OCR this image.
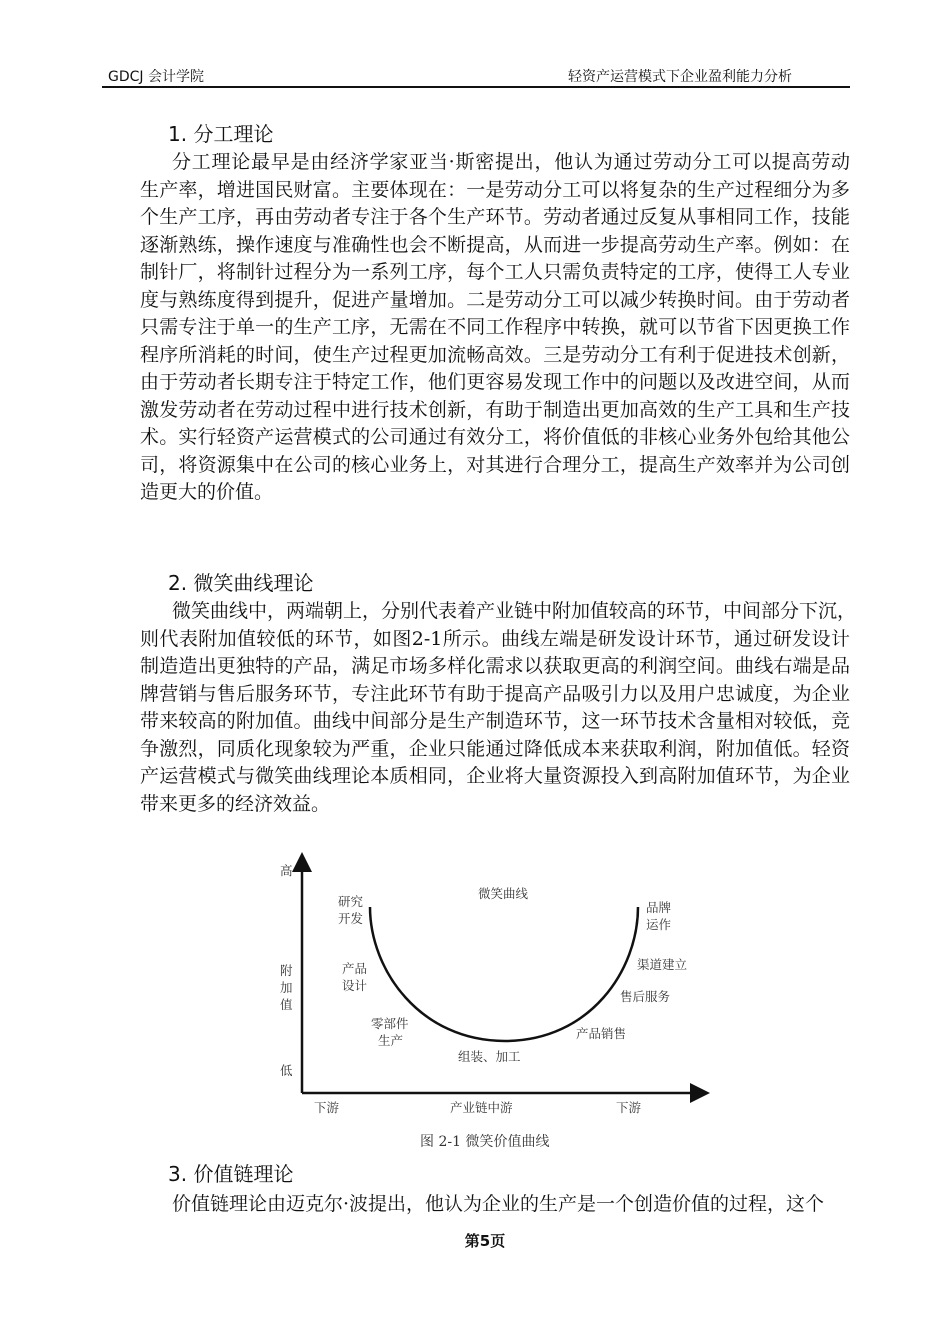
GDCJ 会计学院	轻资产运营模式下企业盈利能力分析
1. 分工理论
分工理论最早是由经济学家亚当·斯密提出，他认为通过劳动分工可以提高劳动
生产率，增进国民财富。主要体现在：一是劳动分工可以将复杂的生产过程细分为多
个生产工序，再由劳动者专注于各个生产环节。劳动者通过反复从事相同工作，技能
逐渐熟练，操作速度与准确性也会不断提高，从而进一步提高劳动生产率。例如：在
制针厂，将制针过程分为一系列工序，每个工人只需负责特定的工序，使得工人专业
度与熟练度得到提升，促进产量增加。二是劳动分工可以减少转换时间。由于劳动者
只需专注于单一的生产工序，无需在不同工作程序中转换，就可以节省下因更换工作
程序所消耗的时间，使生产过程更加流畅高效。三是劳动分工有利于促进技术创新，
由于劳动者长期专注于特定工作，他们更容易发现工作中的问题以及改进空间，从而
激发劳动者在劳动过程中进行技术创新，有助于制造出更加高效的生产工具和生产技
术。实行轻资产运营模式的公司通过有效分工，将价值低的非核心业务外包给其他公
司，将资源集中在公司的核心业务上，对其进行合理分工，提高生产效率并为公司创
造更大的价值。
2. 微笑曲线理论
微笑曲线中，两端朝上，分别代表着产业链中附加值较高的环节，中间部分下沉，
则代表附加值较低的环节，如图2-1所示。曲线左端是研发设计环节，通过研发设计
制造造出更独特的产品，满足市场多样化需求以获取更高的利润空间。曲线右端是品
牌营销与售后服务环节，专注此环节有助于提高产品吸引力以及用户忠诚度，为企业
带来较高的附加值。曲线中间部分是生产制造环节，这一环节技术含量相对较低，竞
争激烈，同质化现象较为严重，企业只能通过降低成本来获取利润，附加值低。轻资
产运营模式与微笑曲线理论本质相同，企业将大量资源投入到高附加值环节，为企业
带来更多的经济效益。
高
附
加
值
低
微笑曲线
研究
开发
产品
设计
零部件
生产
组装、加工
产品销售
售后服务
渠道建立
品牌
运作
下游	产业链中游	下游
图 2-1 微笑价值曲线
3. 价值链理论
价值链理论由迈克尔·波提出，他认为企业的生产是一个创造价值的过程，这个
第5页
